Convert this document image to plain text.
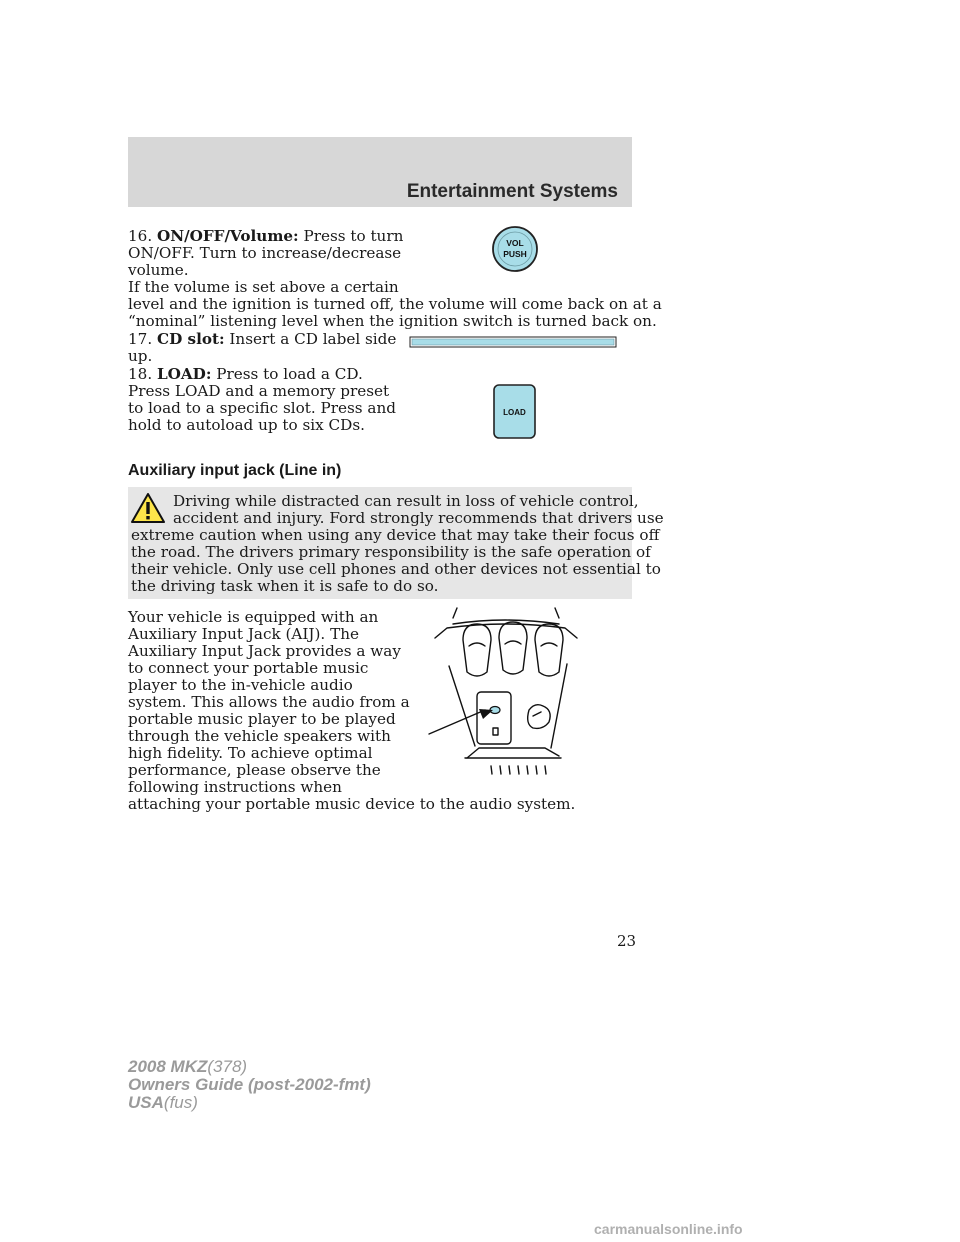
Entertainment Systems
16. ON/OFF/Volume: Press to turn
ON/OFF. Turn to increase/decrease
volume.
If the volume is set above a certain
level and the ignition is turned off, the volume will come back on at a
“nominal” listening level when the ignition switch is turned back on.
VOL
PUSH
17. CD slot: Insert a CD label side
up.
18. LOAD: Press to load a CD.
Press LOAD and a memory preset
to load to a specific slot. Press and
hold to autoload up to six CDs.
LOAD
Auxiliary input jack (Line in)
Driving while distracted can result in loss of vehicle control,
accident and injury. Ford strongly recommends that drivers use
extreme caution when using any device that may take their focus off
the road. The drivers primary responsibility is the safe operation of
their vehicle. Only use cell phones and other devices not essential to
the driving task when it is safe to do so.
Your vehicle is equipped with an
Auxiliary Input Jack (AIJ). The
Auxiliary Input Jack provides a way
to connect your portable music
player to the in-vehicle audio
system. This allows the audio from a
portable music player to be played
through the vehicle speakers with
high fidelity. To achieve optimal
performance, please observe the
following instructions when
attaching your portable music device to the audio system.
23
2008 MKZ(378)
Owners Guide (post-2002-fmt)
USA(fus)
carmanualsonline.info
